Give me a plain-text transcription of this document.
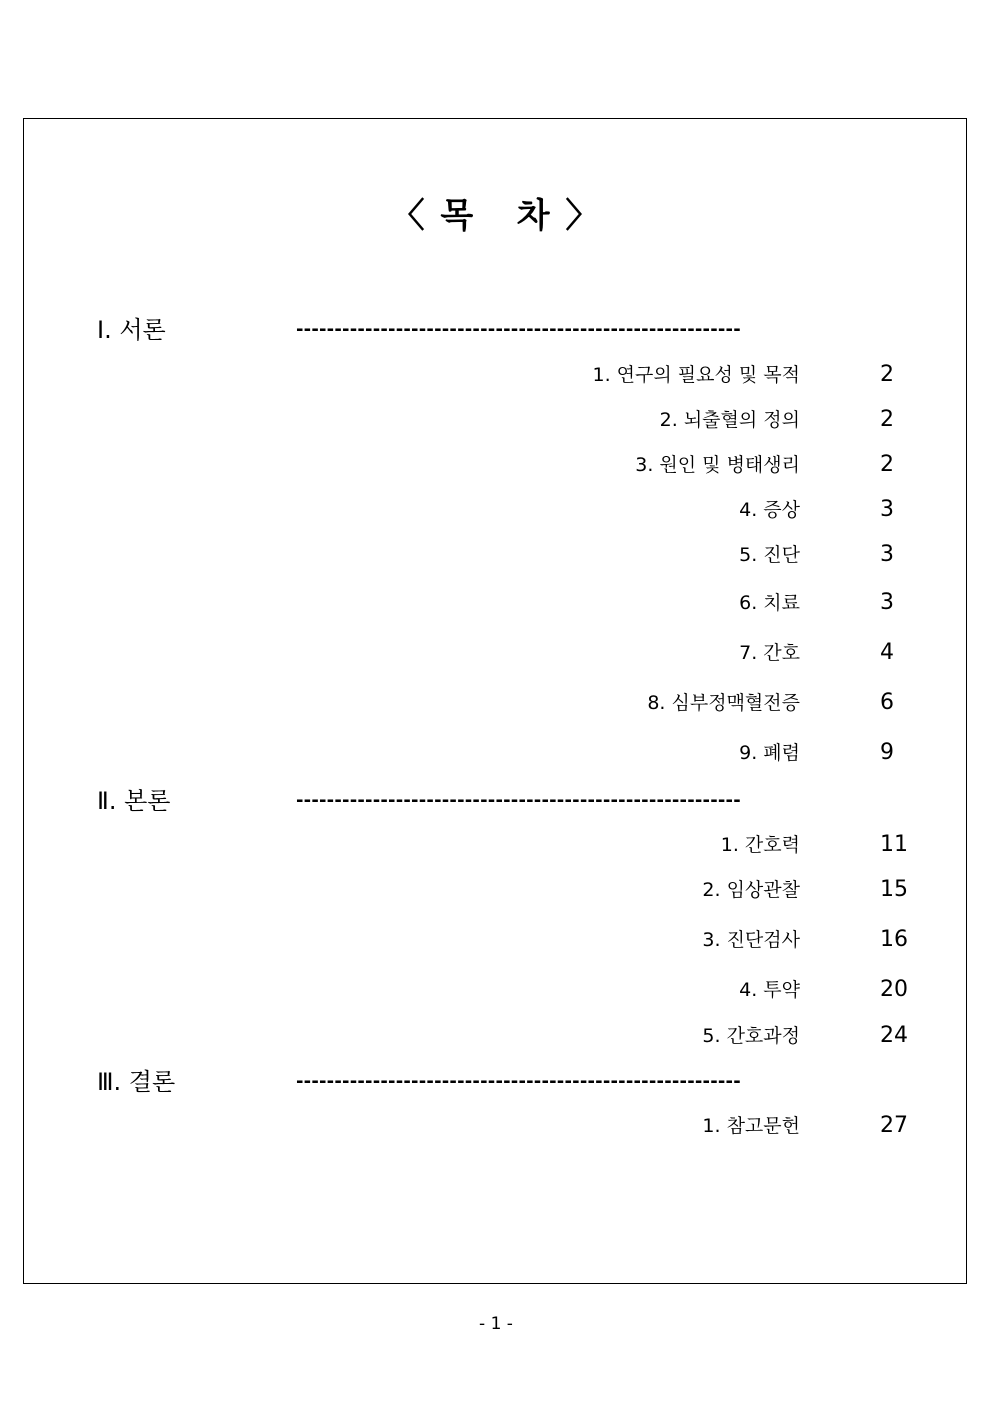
〈 목   차 〉
Ⅰ. 서론	----------------------------------------------------------
1. 연구의 필요성 및 목적	2
2. 뇌출혈의 정의	2
3. 원인 및 병태생리	2
4. 증상	3
5. 진단	3
6. 치료	3
7. 간호	4
8. 심부정맥혈전증	6
9. 폐렴	9
Ⅱ. 본론	----------------------------------------------------------
1. 간호력	11
2. 임상관찰	15
3. 진단검사	16
4. 투약	20
5. 간호과정	24
Ⅲ. 결론	----------------------------------------------------------
1. 참고문헌	27
- 1 -
